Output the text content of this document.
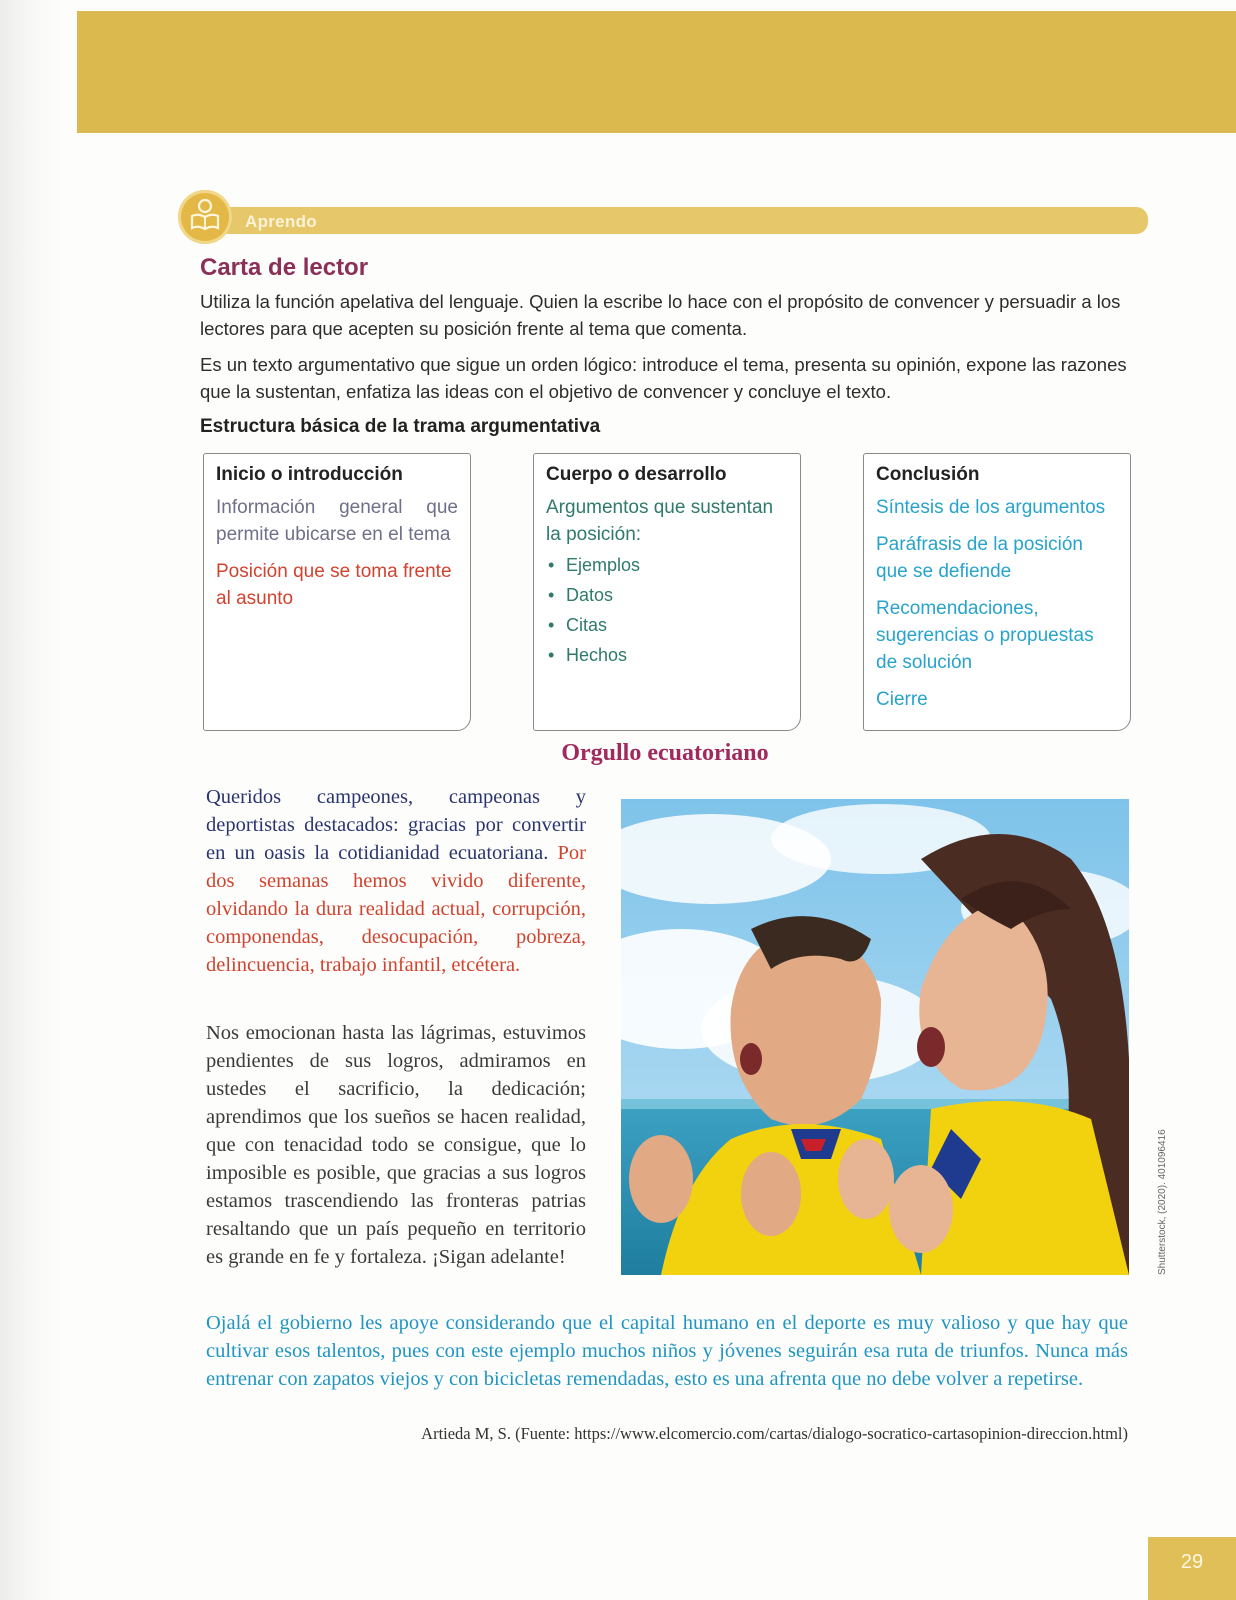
Aprendo
Carta de lector
Utiliza la función apelativa del lenguaje. Quien la escribe lo hace con el propósito de convencer y persuadir a los lectores para que acepten su posición frente al tema que comenta.
Es un texto argumentativo que sigue un orden lógico: introduce el tema, presenta su opinión, expone las razones que la sustentan, enfatiza las ideas con el objetivo de convencer y concluye el texto.
Estructura básica de la trama argumentativa
Inicio o introducción

Información general que permite ubicarse en el tema

Posición que se toma frente al asunto

Cuerpo o desarrollo

Argumentos que sustentan la posición:

• Ejemplos
• Datos
• Citas
• Hechos
Conclusión

Síntesis de los argumentos

Paráfrasis de la posición que se defiende

Recomendaciones, sugerencias o propuestas de solución

Cierre

Orgullo ecuatoriano
Queridos campeones, campeonas y deportistas destacados: gracias por convertir en un oasis la cotidianidad ecuatoriana. Por dos semanas hemos vivido diferente, olvidando la dura realidad actual, corrupción, componendas, desocupación, pobreza, delincuencia, trabajo infantil, etcétera.
Nos emocionan hasta las lágrimas, estuvimos pendientes de sus logros, admiramos en ustedes el sacrificio, la dedicación; aprendimos que los sueños se hacen realidad, que con tenacidad todo se consigue, que lo imposible es posible, que gracias a sus logros estamos trascendiendo las fronteras patrias resaltando que un país pequeño en territorio es grande en fe y fortaleza. ¡Sigan adelante!
Ojalá el gobierno les apoye considerando que el capital humano en el deporte es muy valioso y que hay que cultivar esos talentos, pues con este ejemplo muchos niños y jóvenes seguirán esa ruta de triunfos. Nunca más entrenar con zapatos viejos y con bicicletas remendadas, esto es una afrenta que no debe volver a repetirse.
Artieda M, S. (Fuente: https://www.elcomercio.com/cartas/dialogo-socratico-cartasopinion-direccion.html)
Shutterstock, (2020). 401096416
29
